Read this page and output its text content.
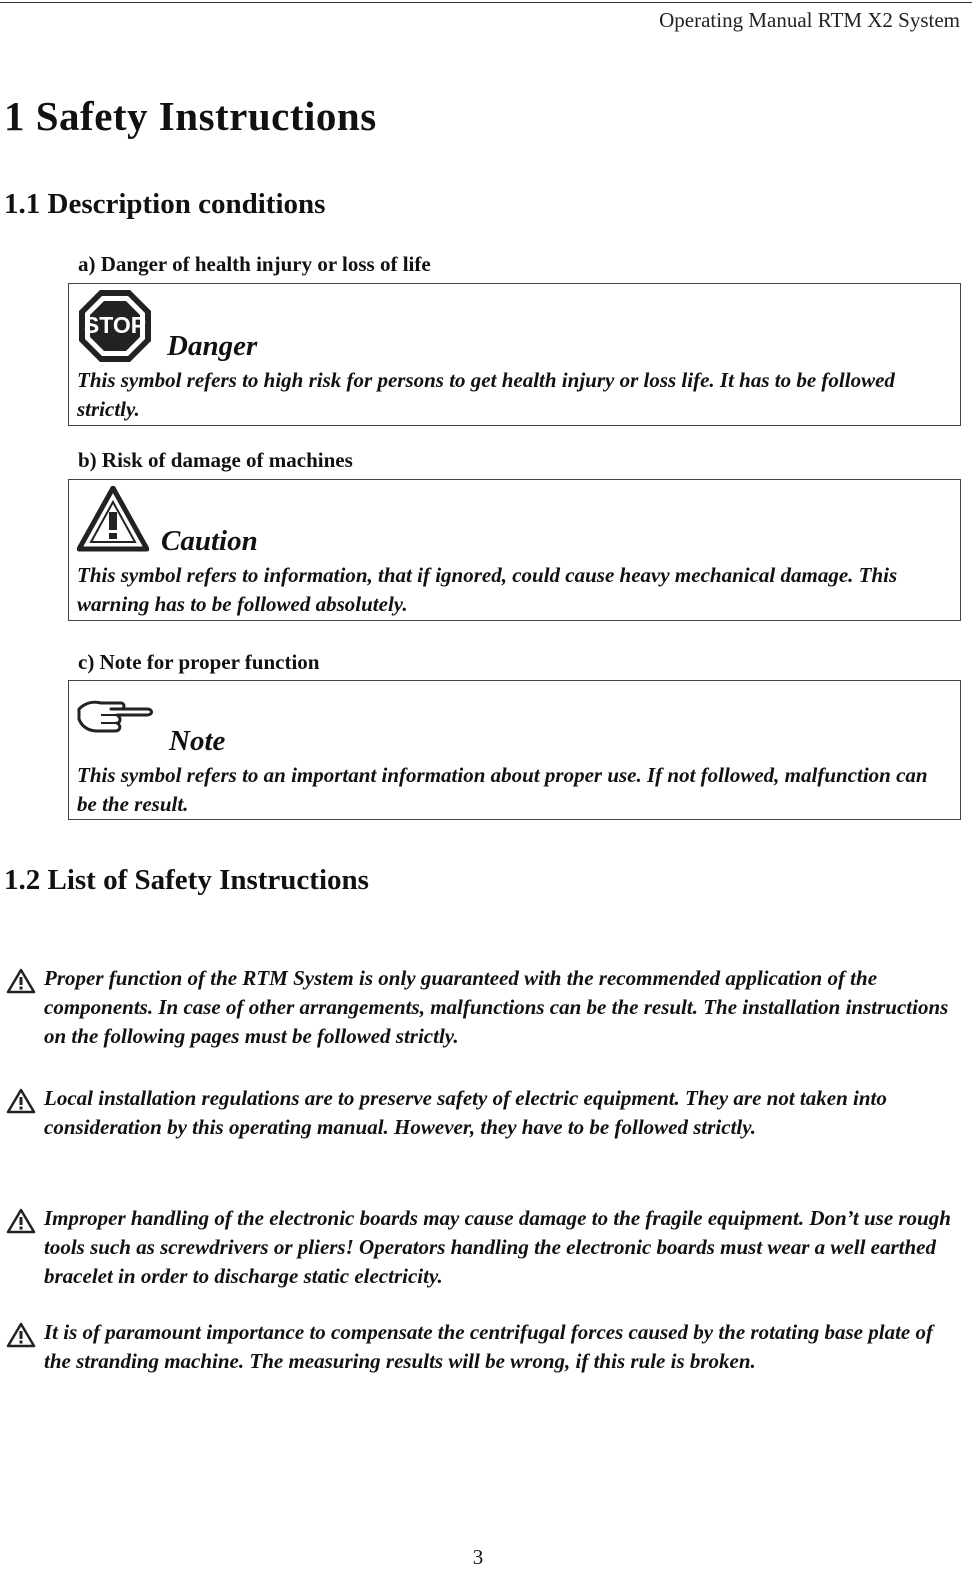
Operating Manual RTM X2 System
1 Safety Instructions
1.1 Description conditions
a) Danger of health injury or loss of life
STOP
Danger
This symbol refers to high risk for persons to get health injury or loss life. It has to be followed strictly.
b) Risk of damage of machines
Caution
This symbol refers to information, that if ignored, could cause heavy mechanical damage. This warning has to be followed absolutely.
c) Note for proper function
Note
This symbol refers to an important information about proper use. If not followed, malfunction can be the result.
1.2 List of Safety Instructions
Proper function of the RTM System is only guaranteed with the recommended application of the components. In case of other arrangements, malfunctions can be the result. The installation instructions on the following pages must be followed strictly.
Local installation regulations are to preserve safety of electric equipment. They are not taken into consideration by this operating manual. However, they have to be followed strictly.
Improper handling of the electronic boards may cause damage to the fragile equipment. Don’t use rough tools such as screwdrivers or pliers! Operators handling the electronic boards must wear a well earthed bracelet in order to discharge static electricity.
It is of paramount importance to compensate the centrifugal forces caused by the rotating base plate of the stranding machine. The measuring results will be wrong, if this rule is broken.
3
